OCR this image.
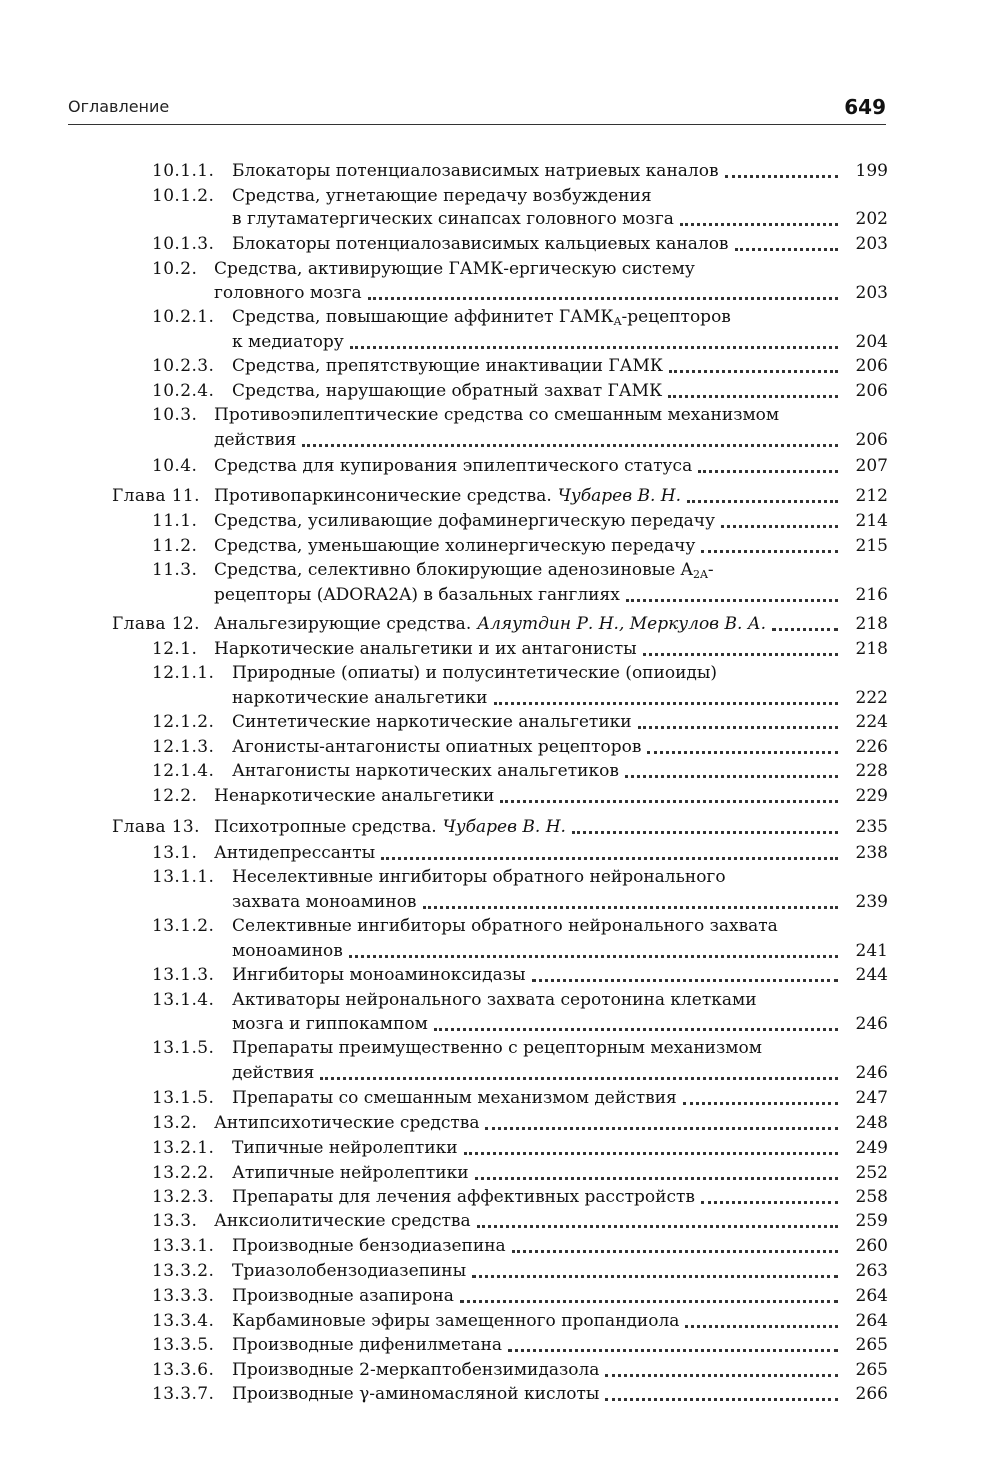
Оглавление	649
10.1.1.	Блокаторы потенциалозависимых натриевых каналов	199
10.1.2.	Средства, угнетающие передачу возбуждения
в глутаматергических синапсах головного мозга	202
10.1.3.	Блокаторы потенциалозависимых кальциевых каналов	203
10.2. Средства, активирующие ГАМК-ергическую систему
головного мозга	203
10.2.1.	Средства, повышающие аффинитет $ГАМК_A$-рецепторов
к медиатору	204
10.2.3.	Средства, препятствующие инактивации ГАМК	206
10.2.4.	Средства, нарушающие обратный захват ГАМК	206
10.3. Противоэпилептические средства со смешанным механизмом
действия	206
10.4. Средства для купирования эпилептического статуса	207
Глава 11. Противопаркинсонические средства. Чубарев В. Н.	212
11.1. Средства, усиливающие дофаминергическую передачу	214
11.2. Средства, уменьшающие холинергическую передачу	215
11.3. Средства, селективно блокирующие аденозиновые $A_{2A}-$
рецепторы (ADORA2A) в базальных ганглиях	216
Глава 12. Анальгезирующие средства. Аляутдин Р. Н., Меркулов В. А.	218
12.1. Наркотические анальгетики и их антагонисты	218
12.1.1.	Природные (опиаты) и полусинтетические (опиоиды)
наркотические анальгетики	222
12.1.2.	Синтетические наркотические анальгетики	224
12.1.3.	Агонисты-антагонисты опиатных рецепторов	226
12.1.4.	Антагонисты наркотических анальгетиков	228
12.2. Ненаркотические анальгетики	229
Глава 13. Психотропные средства. Чубарев В. Н.	235
13.1. Антидепрессанты	238
13.1.1.	Неселективные ингибиторы обратного нейронального
захвата моноаминов	239
13.1.2.	Селективные ингибиторы обратного нейронального захвата
моноаминов	241
13.1.3.	Ингибиторы моноаминоксидазы	244
13.1.4.	Активаторы нейронального захвата серотонина клетками
мозга и гиппокампом	246
13.1.5.	Препараты преимущественно с рецепторным механизмом
действия	246
13.1.5.	Препараты со смешанным механизмом действия	247
13.2. Антипсихотические средства	248
13.2.1.	Типичные нейролептики	249
13.2.2.	Атипичные нейролептики	252
13.2.3.	Препараты для лечения аффективных расстройств	258
13.3. Анксиолитические средства	259
13.3.1.	Производные бензодиазепина	260
13.3.2.	Триазолобензодиазепины	263
13.3.3.	Производные азапирона	264
13.3.4.	Карбаминовые эфиры замещенного пропандиола	264
13.3.5.	Производные дифенилметана	265
13.3.6.	Производные 2-меркаптобензимидазола	265
13.3.7.	Производные γ-аминомасляной кислоты	266
